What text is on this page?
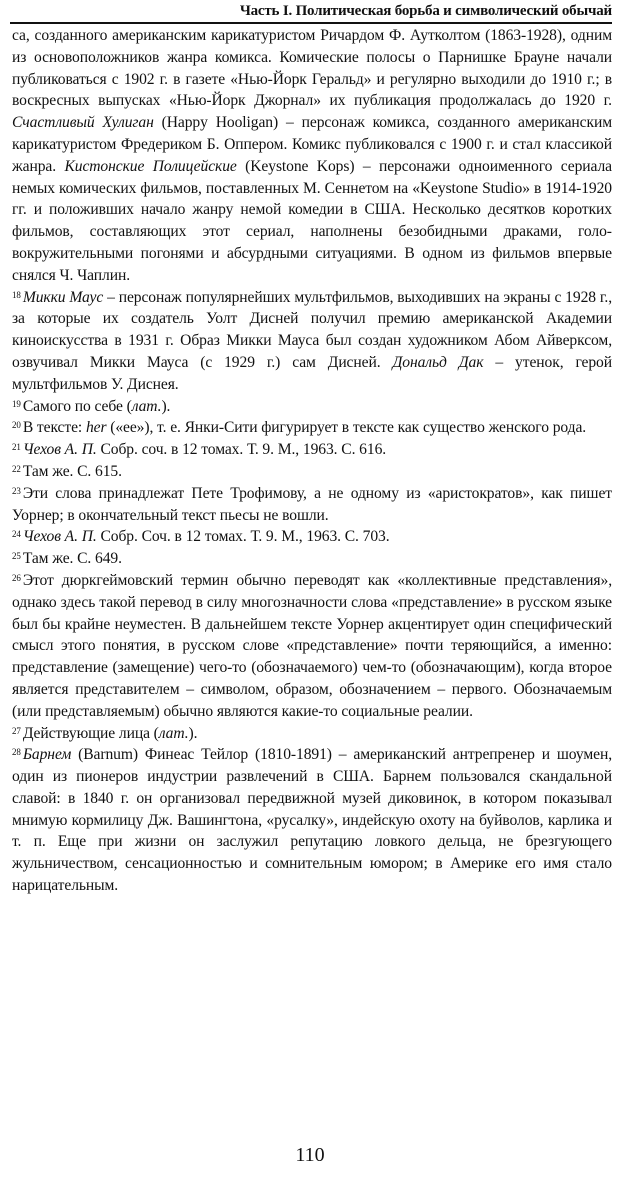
Часть I. Политическая борьба и символический обычай

са, созданного американским карикатуристом Ричардом Ф. Аутколтом (1863-1928), одним из основоположников жанра комикса. Комические полосы о Парнишке Брауне начали публиковаться с 1902 г. в газете «Нью-Йорк Геральд» и регулярно выходили до 1910 г.; в воскресных выпусках «Нью-Йорк Джорнал» их публикация продолжалась до 1920 г. Счастливый Хулиган (Happy Hooligan) – персонаж комикса, созданного американским карикатуристом Фредериком Б. Оппером. Комикс публиковался с 1900 г. и стал классикой жанра. Кистонские Полицейские (Keystone Kops) – персонажи одноименного сериала немых комических фильмов, поставленных М. Сеннетом на «Keystone Studio» в 1914-1920 гг. и положивших начало жанру немой комедии в США. Несколько десятков коротких фильмов, составляющих этот сериал, наполнены безобидными драками, головокружительными погонями и абсурдными ситуациями. В одном из фильмов впервые снялся Ч. Чаплин.

$^{18}$ Микки Маус – персонаж популярнейших мультфильмов, выходивших на экраны с 1928 г., за которые их создатель Уолт Дисней получил премию американской Академии киноискусства в 1931 г. Образ Микки Мауса был создан художником Абом Айверксом, озвучивал Микки Мауса (с 1929 г.) сам Дисней. Дональд Дак – утенок, герой мультфильмов У. Диснея.

$^{19}$ Самого по себе (лат.).

$^{20}$ В тексте: her («ее»), т. е. Янки-Сити фигурирует в тексте как существо женского рода.

$^{21}$ Чехов А. П. Собр. соч. в 12 томах. Т. 9. М., 1963. С. 616.

$^{22}$ Там же. С. 615.

$^{23}$ Эти слова принадлежат Пете Трофимову, а не одному из «аристократов», как пишет Уорнер; в окончательный текст пьесы не вошли.

$^{24}$ Чехов А. П. Собр. Соч. в 12 томах. Т. 9. М., 1963. С. 703.

$^{25}$ Там же. С. 649.

$^{26}$ Этот дюркгеймовский термин обычно переводят как «коллективные представления», однако здесь такой перевод в силу многозначности слова «представление» в русском языке был бы крайне неуместен. В дальнейшем тексте Уорнер акцентирует один специфический смысл этого понятия, в русском слове «представление» почти теряющийся, а именно: представление (замещение) чего-то (обозначаемого) чем-то (обозначающим), когда второе является представителем – символом, образом, обозначением – первого. Обозначаемым (или представляемым) обычно являются какие-то социальные реалии.

$^{27}$ Действующие лица (лат.).

$^{28}$ Барнем (Barnum) Финеас Тейлор (1810-1891) – американский антрепренер и шоумен, один из пионеров индустрии развлечений в США. Барнем пользовался скандальной славой: в 1840 г. он организовал передвижной музей диковинок, в котором показывал мнимую кормилицу Дж. Вашингтона, «русалку», индейскую охоту на буйволов, карлика и т. п. Еще при жизни он заслужил репутацию ловкого дельца, не брезгующего жульничеством, сенсационностью и сомнительным юмором; в Америке его имя стало нарицательным.

110
